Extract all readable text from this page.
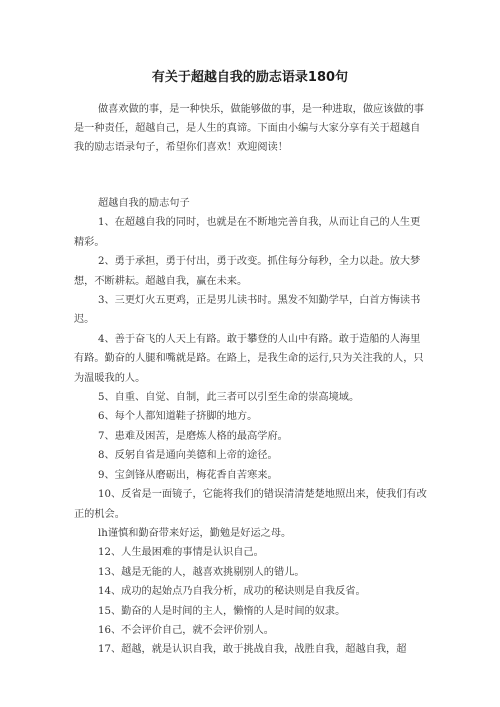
有关于超越自我的励志语录180句
做喜欢做的事，是一种快乐，做能够做的事，是一种进取，做应该做的事是一种责任，超越自己，是人生的真谛。下面由小编与大家分享有关于超越自我的励志语录句子，希望你们喜欢！欢迎阅读！

超越自我的励志句子

1、在超越自我的同时，也就是在不断地完善自我，从而让自己的人生更精彩。

2、勇于承担，勇于付出，勇于改变。抓住每分每秒，全力以赴。放大梦想，不断耕耘。超越自我，赢在未来。

3、三更灯火五更鸡，正是男儿读书时。黑发不知勤学早，白首方悔读书迟。

4、善于奋飞的人天上有路。敢于攀登的人山中有路。敢于造船的人海里有路。勤奋的人腿和嘴就是路。在路上，是我生命的运行,只为关注我的人，只为温暖我的人。

5、自重、自觉、自制，此三者可以引至生命的崇高境域。

6、每个人都知道鞋子挤脚的地方。

7、患难及困苦，是磨炼人格的最高学府。

8、反躬自省是通向美德和上帝的途径。

9、宝剑锋从磨砺出，梅花香自苦寒来。

10、反省是一面镜子，它能将我们的错误清清楚楚地照出来，使我们有改正的机会。

lh谨慎和勤奋带来好运，勤勉是好运之母。

12、人生最困难的事情是认识自己。

13、越是无能的人，越喜欢挑剔别人的错儿。

14、成功的起始点乃自我分析，成功的秘诀则是自我反省。

15、勤奋的人是时间的主人，懒惰的人是时间的奴隶。

16、不会评价自己，就不会评价别人。

17、超越，就是认识自我，敢于挑战自我，战胜自我，超越自我，超
